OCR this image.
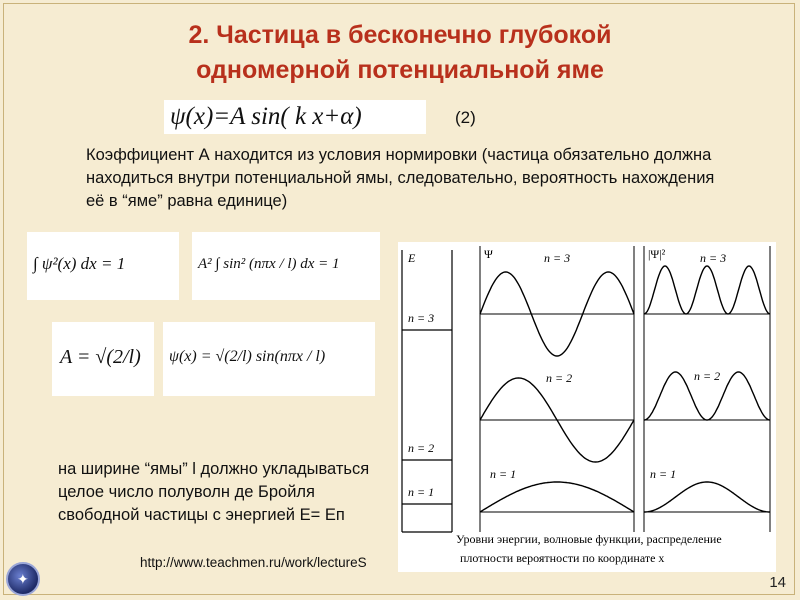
2. Частица в бесконечно глубокой
одномерной потенциальной яме
ψ(x)=A sin( k x+α)	(2)
Коэффициент А находится из условия нормировки (частица обязательно должна находиться внутри потенциальной ямы, следовательно, вероятность нахождения её в “яме” равна единице)
∫ ψ²(x) dx = 1	A² ∫ sin² (nπx / l) dx = 1
A = √(2/l) ψ(x) = √(2/l) sin(nπx / l)
на ширине “ямы” l должно укладываться целое число полуволн де Бройля свободной частицы с энергией Е= Еп
E
n = 3
n = 2
n = 1
Ψ	n = 3
n = 2
n = 1
|Ψ|²	n = 3
n = 2
n = 1
Уровни энергии, волновые функции, распределение
плотности вероятности по координате x
http://www.teachmen.ru/work/lectureS
14
✦
